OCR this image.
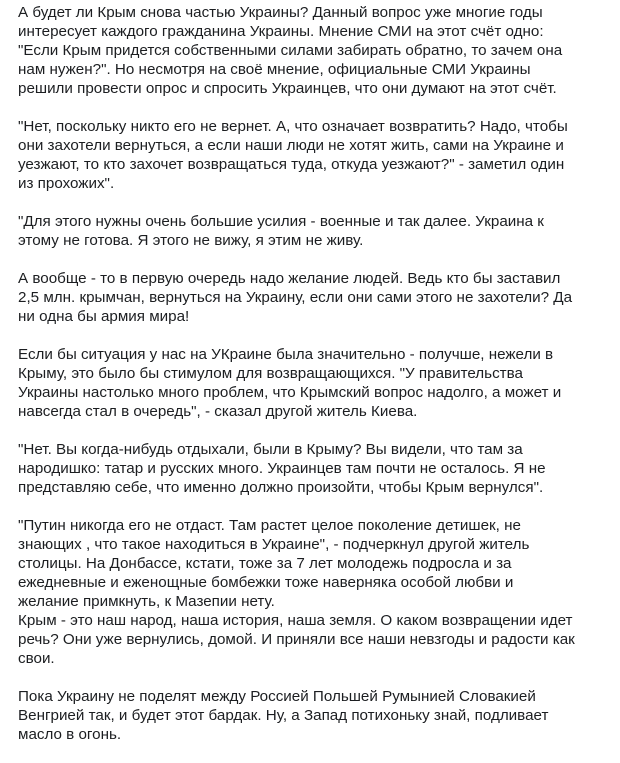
А будет ли Крым снова частью Украины? Данный вопрос уже многие годы
интересует каждого гражданина Украины. Мнение СМИ на этот счёт одно:
"Если Крым придется собственными силами забирать обратно, то зачем она
нам нужен?". Но несмотря на своё мнение, официальные СМИ Украины
решили провести опрос и спросить Украинцев, что они думают на этот счёт.

"Нет, поскольку никто его не вернет. А, что означает возвратить? Надо, чтобы
они захотели вернуться, а если наши люди не хотят жить, сами на Украине и
уезжают, то кто захочет возвращаться туда, откуда уезжают?" - заметил один
из прохожих".

"Для этого нужны очень большие усилия - военные и так далее. Украина к
этому не готова. Я этого не вижу, я этим не живу.

А вообще - то в первую очередь надо желание людей. Ведь кто бы заставил
2,5 млн. крымчан, вернуться на Украину, если они сами этого не захотели? Да
ни одна бы армия мира!

Если бы ситуация у нас на УКраине была значительно - получше, нежели в
Крыму, это было бы стимулом для возвращающихся. "У правительства
Украины настолько много проблем, что Крымский вопрос надолго, а может и
навсегда стал в очередь", - сказал другой житель Киева.

"Нет. Вы когда-нибудь отдыхали, были в Крыму? Вы видели, что там за
народишко: татар и русских много. Украинцев там почти не осталось. Я не
представляю себе, что именно должно произойти, чтобы Крым вернулся".

"Путин никогда его не отдаст. Там растет целое поколение детишек, не
знающих , что такое находиться в Украине", - подчеркнул другой житель
столицы. На Донбассе, кстати, тоже за 7 лет молодежь подросла и за
ежедневные и еженощные бомбежки тоже наверняка особой любви и
желание примкнуть, к Мазепии нету.

Крым - это наш народ, наша история, наша земля. О каком возвращении идет
речь? Они уже вернулись, домой. И приняли все наши невзгоды и радости как
свои.

Пока Украину не поделят между Россией Польшей Румынией Словакией
Венгрией так, и будет этот бардак. Ну, а Запад потихоньку знай, подливает
масло в огонь.
